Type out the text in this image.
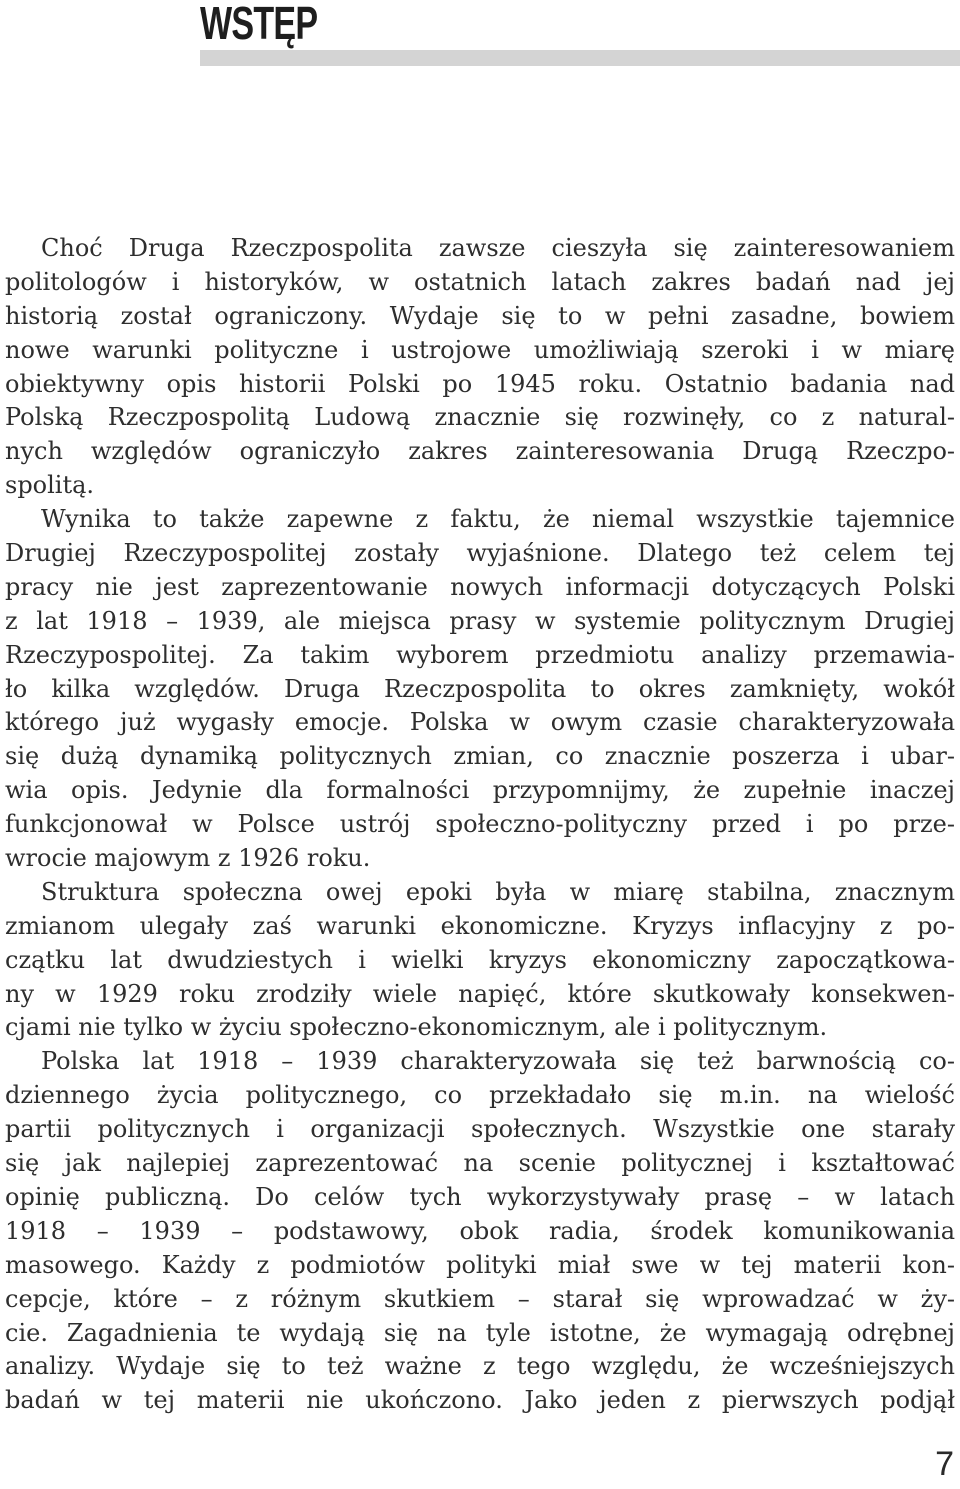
WSTĘP
Choć Druga Rzeczpospolita zawsze cieszyła się zainteresowaniem
politologów i historyków, w ostatnich latach zakres badań nad jej
historią został ograniczony. Wydaje się to w pełni zasadne, bowiem
nowe warunki polityczne i ustrojowe umożliwiają szeroki i w miarę
obiektywny opis historii Polski po 1945 roku. Ostatnio badania nad
Polską Rzeczpospolitą Ludową znacznie się rozwinęły, co z natural-
nych względów ograniczyło zakres zainteresowania Drugą Rzeczpo-
spolitą.
Wynika to także zapewne z faktu, że niemal wszystkie tajemnice
Drugiej Rzeczypospolitej zostały wyjaśnione. Dlatego też celem tej
pracy nie jest zaprezentowanie nowych informacji dotyczących Polski
z lat 1918 – 1939, ale miejsca prasy w systemie politycznym Drugiej
Rzeczypospolitej. Za takim wyborem przedmiotu analizy przemawia-
ło kilka względów. Druga Rzeczpospolita to okres zamknięty, wokół
którego już wygasły emocje. Polska w owym czasie charakteryzowała
się dużą dynamiką politycznych zmian, co znacznie poszerza i ubar-
wia opis. Jedynie dla formalności przypomnijmy, że zupełnie inaczej
funkcjonował w Polsce ustrój społeczno-polityczny przed i po prze-
wrocie majowym z 1926 roku.
Struktura społeczna owej epoki była w miarę stabilna, znacznym
zmianom ulegały zaś warunki ekonomiczne. Kryzys inflacyjny z po-
czątku lat dwudziestych i wielki kryzys ekonomiczny zapoczątkowa-
ny w 1929 roku zrodziły wiele napięć, które skutkowały konsekwen-
cjami nie tylko w życiu społeczno-ekonomicznym, ale i politycznym.
Polska lat 1918 – 1939 charakteryzowała się też barwnością co-
dziennego życia politycznego, co przekładało się m.in. na wielość
partii politycznych i organizacji społecznych. Wszystkie one starały
się jak najlepiej zaprezentować na scenie politycznej i kształtować
opinię publiczną. Do celów tych wykorzystywały prasę – w latach
1918 – 1939 – podstawowy, obok radia, środek komunikowania
masowego. Każdy z podmiotów polityki miał swe w tej materii kon-
cepcje, które – z różnym skutkiem – starał się wprowadzać w ży-
cie. Zagadnienia te wydają się na tyle istotne, że wymagają odrębnej
analizy. Wydaje się to też ważne z tego względu, że wcześniejszych
badań w tej materii nie ukończono. Jako jeden z pierwszych podjął
7
